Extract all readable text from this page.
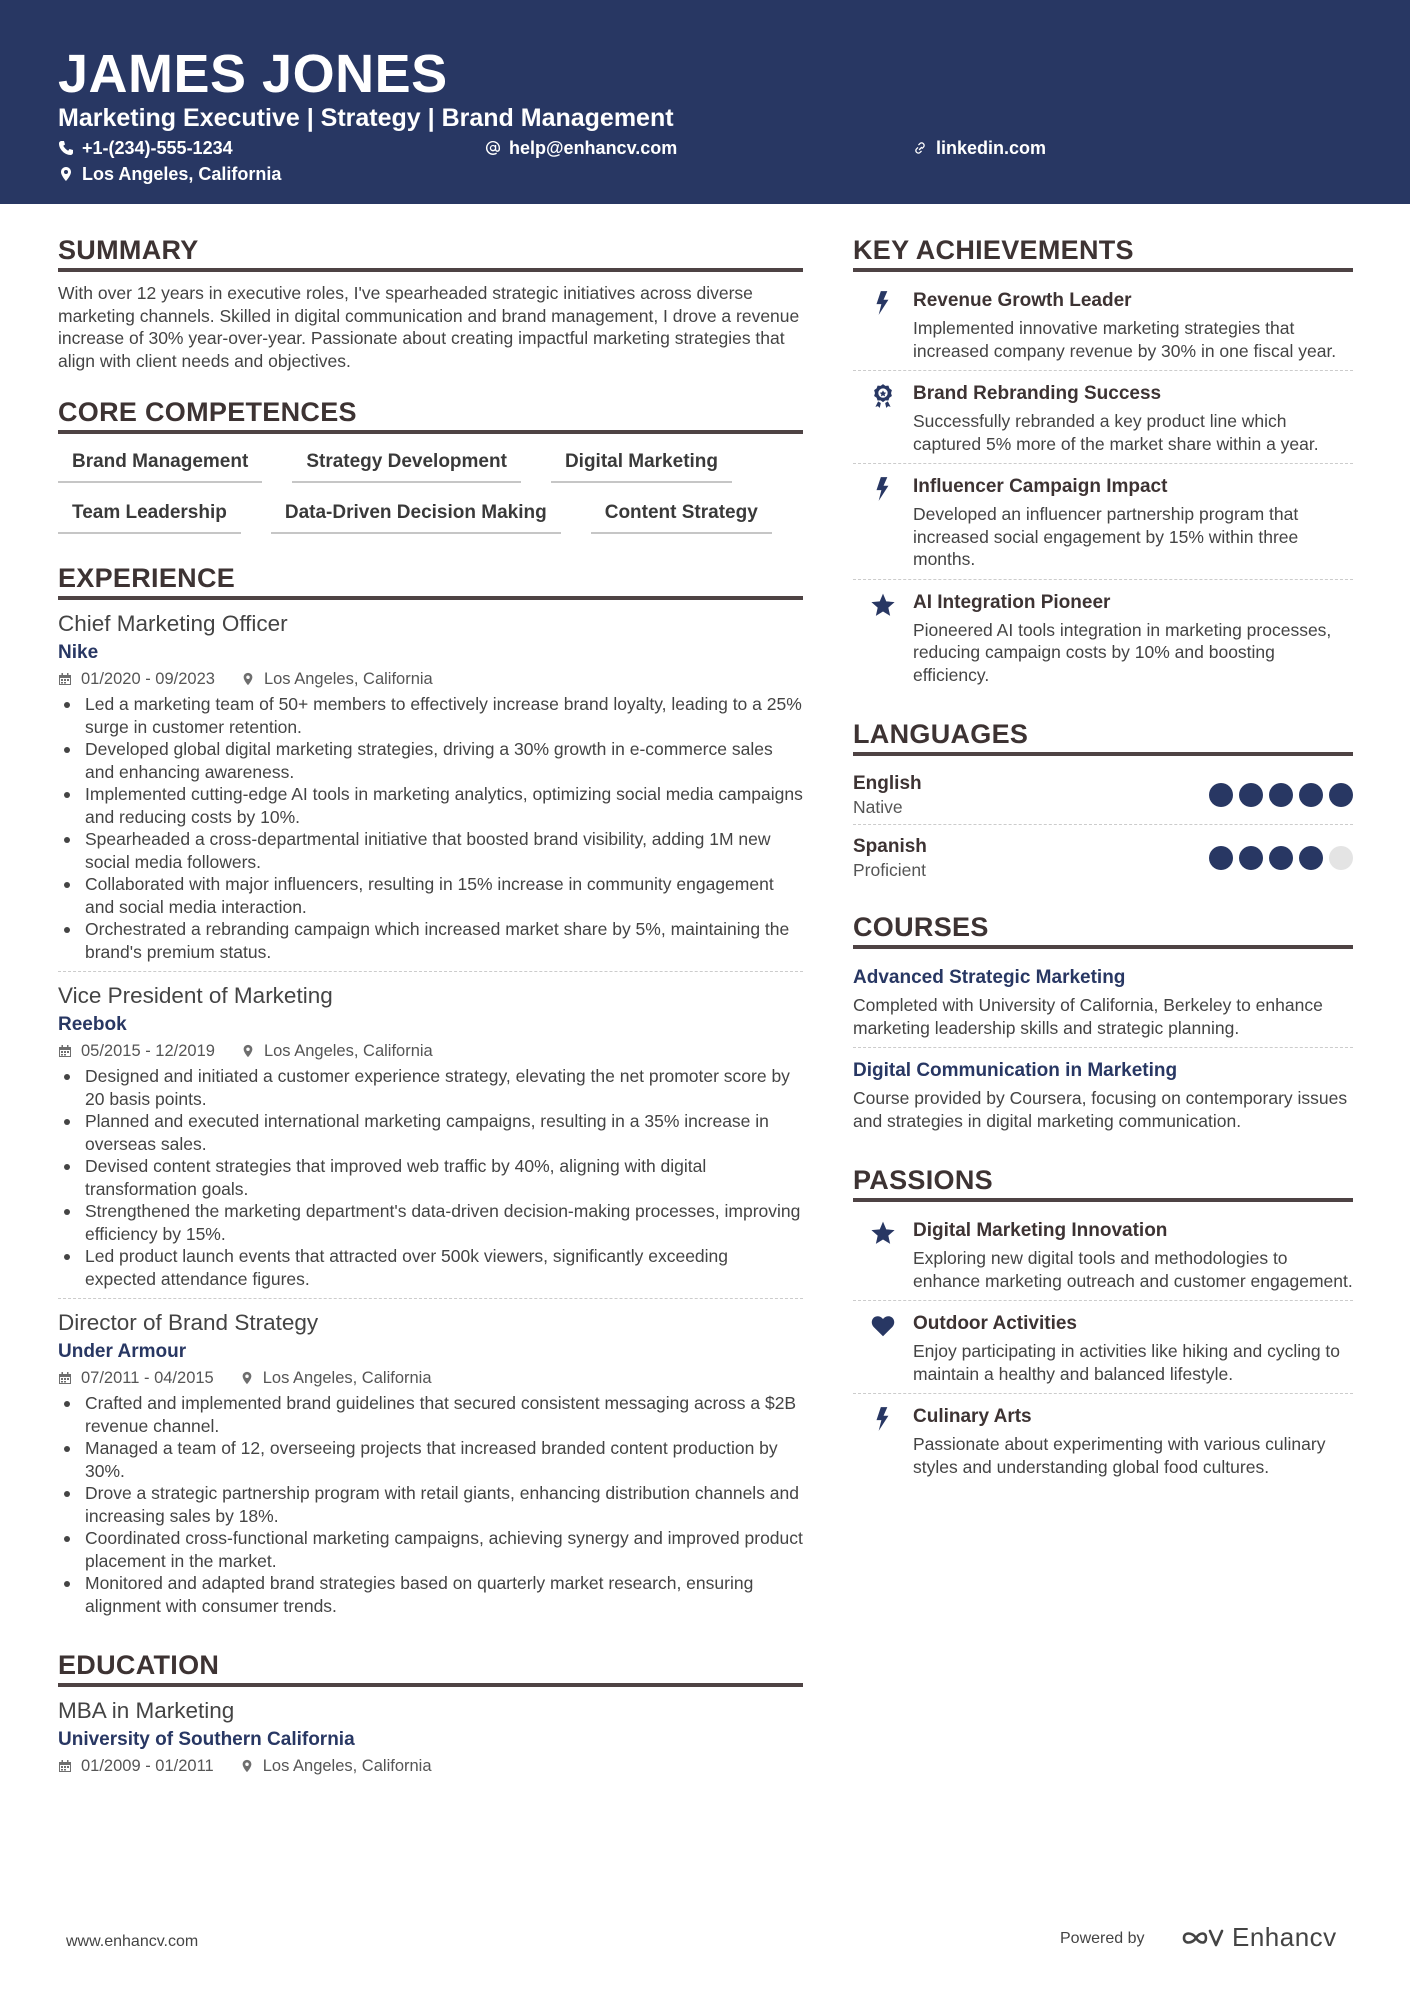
JAMES JONES
Marketing Executive | Strategy | Brand Management
+1-(234)-555-1234	help@enhancv.com	linkedin.com
Los Angeles, California
SUMMARY
With over 12 years in executive roles, I've spearheaded strategic initiatives across diverse marketing channels. Skilled in digital communication and brand management, I drove a revenue increase of 30% year-over-year. Passionate about creating impactful marketing strategies that align with client needs and objectives.
CORE COMPETENCES
Brand Management	Strategy Development	Digital Marketing
Team Leadership	Data-Driven Decision Making	Content Strategy
EXPERIENCE
Chief Marketing Officer
Nike
01/2020 - 09/2023	Los Angeles, California
Led a marketing team of 50+ members to effectively increase brand loyalty, leading to a 25% surge in customer retention.
Developed global digital marketing strategies, driving a 30% growth in e-commerce sales and enhancing awareness.
Implemented cutting-edge AI tools in marketing analytics, optimizing social media campaigns and reducing costs by 10%.
Spearheaded a cross-departmental initiative that boosted brand visibility, adding 1M new social media followers.
Collaborated with major influencers, resulting in 15% increase in community engagement and social media interaction.
Orchestrated a rebranding campaign which increased market share by 5%, maintaining the brand's premium status.
Vice President of Marketing
Reebok
05/2015 - 12/2019	Los Angeles, California
Designed and initiated a customer experience strategy, elevating the net promoter score by 20 basis points.
Planned and executed international marketing campaigns, resulting in a 35% increase in overseas sales.
Devised content strategies that improved web traffic by 40%, aligning with digital transformation goals.
Strengthened the marketing department's data-driven decision-making processes, improving efficiency by 15%.
Led product launch events that attracted over 500k viewers, significantly exceeding expected attendance figures.
Director of Brand Strategy
Under Armour
07/2011 - 04/2015	Los Angeles, California
Crafted and implemented brand guidelines that secured consistent messaging across a $2B revenue channel.
Managed a team of 12, overseeing projects that increased branded content production by 30%.
Drove a strategic partnership program with retail giants, enhancing distribution channels and increasing sales by 18%.
Coordinated cross-functional marketing campaigns, achieving synergy and improved product placement in the market.
Monitored and adapted brand strategies based on quarterly market research, ensuring alignment with consumer trends.
EDUCATION
MBA in Marketing
University of Southern California
01/2009 - 01/2011	Los Angeles, California
KEY ACHIEVEMENTS
Revenue Growth Leader
Implemented innovative marketing strategies that increased company revenue by 30% in one fiscal year.
Brand Rebranding Success
Successfully rebranded a key product line which captured 5% more of the market share within a year.
Influencer Campaign Impact
Developed an influencer partnership program that increased social engagement by 15% within three months.
AI Integration Pioneer
Pioneered AI tools integration in marketing processes, reducing campaign costs by 10% and boosting efficiency.
LANGUAGES
English
Native
Spanish
Proficient
COURSES
Advanced Strategic Marketing
Completed with University of California, Berkeley to enhance marketing leadership skills and strategic planning.
Digital Communication in Marketing
Course provided by Coursera, focusing on contemporary issues and strategies in digital marketing communication.
PASSIONS
Digital Marketing Innovation
Exploring new digital tools and methodologies to enhance marketing outreach and customer engagement.
Outdoor Activities
Enjoy participating in activities like hiking and cycling to maintain a healthy and balanced lifestyle.
Culinary Arts
Passionate about experimenting with various culinary styles and understanding global food cultures.
www.enhancv.com	Powered by	Enhancv
